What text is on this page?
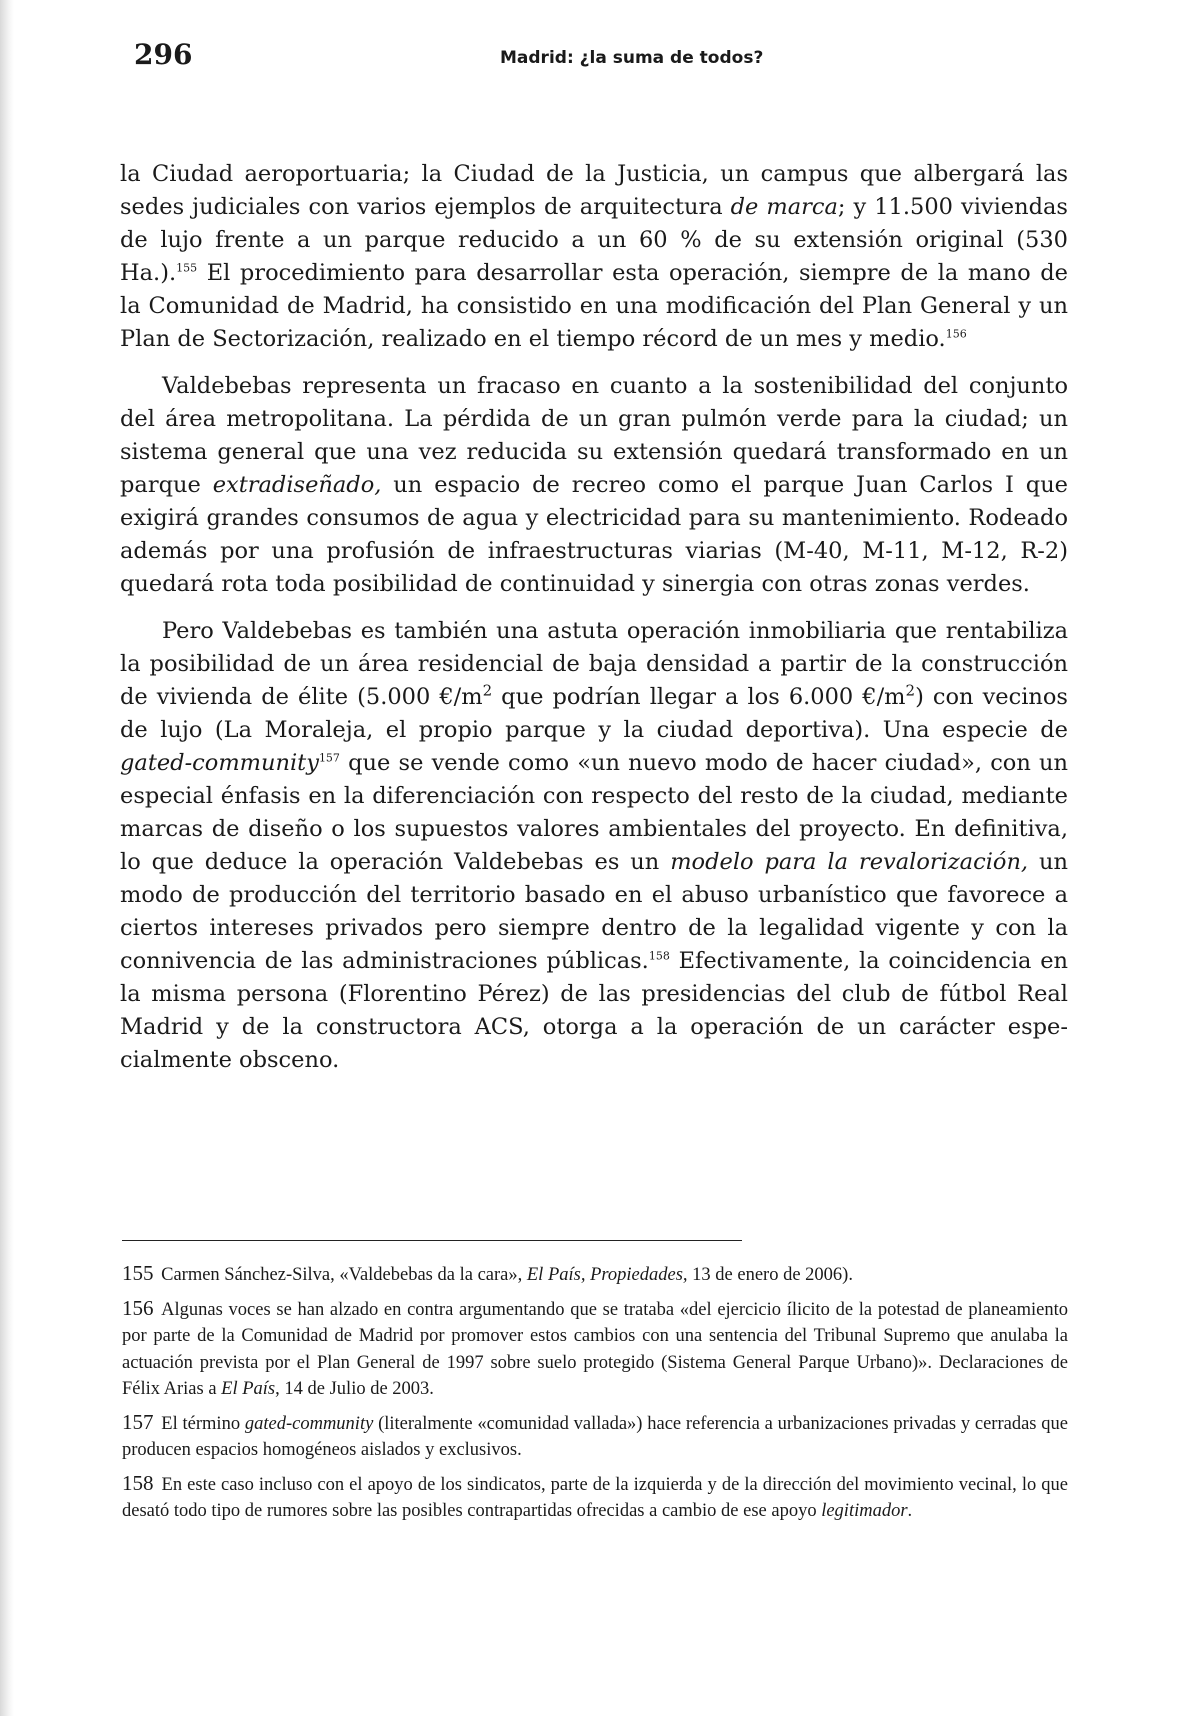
296	Madrid: ¿la suma de todos?

la Ciudad aeroportuaria; la Ciudad de la Justicia, un campus que albergará las sedes judiciales con varios ejemplos de arquitectura de marca; y 11.500 viviendas de lujo frente a un parque reducido a un 60 % de su extensión original (530 Ha.).$^{155}$ El procedimiento para desarrollar esta operación, siempre de la mano de la Comunidad de Madrid, ha consistido en una modificación del Plan General y un Plan de Sectorización, realizado en el tiempo récord de un mes y medio.$^{156}$

Valdebebas representa un fracaso en cuanto a la sostenibilidad del conjunto del área metropolitana. La pérdida de un gran pulmón verde para la ciudad; un sistema general que una vez reducida su extensión quedará transformado en un parque extradiseñado, un espacio de recreo como el parque Juan Carlos I que exigirá grandes consumos de agua y electricidad para su mantenimiento. Rodeado además por una profusión de infraestructuras viarias (M-40, M-11, M-12, R-2) quedará rota toda posibilidad de continuidad y sinergia con otras zonas verdes.

Pero Valdebebas es también una astuta operación inmobiliaria que rentabiliza la posibilidad de un área residencial de baja densidad a partir de la construcción de vivienda de élite (5.000 $€/m^2$ que podrían llegar a los 6.000 $€/m^2$) con vecinos de lujo (La Moraleja, el propio parque y la ciudad deportiva). Una especie de gated-community$^{157}$ que se vende como «un nuevo modo de hacer ciudad», con un especial énfasis en la diferenciación con respecto del resto de la ciudad, mediante marcas de diseño o los supuestos valores ambientales del proyecto. En definitiva, lo que deduce la operación Valdebebas es un modelo para la revalorización, un modo de producción del territorio basado en el abuso urbanístico que favorece a ciertos intereses privados pero siempre dentro de la legalidad vigente y con la connivencia de las administraciones públicas.$^{158}$ Efectivamente, la coincidencia en la misma persona (Florentino Pérez) de las presidencias del club de fútbol Real Madrid y de la constructora ACS, otorga a la operación de un carácter especialmente obsceno.

155 Carmen Sánchez-Silva, «Valdebebas da la cara», El País, Propiedades, 13 de enero de 2006).

156 Algunas voces se han alzado en contra argumentando que se trataba «del ejercicio ílicito de la potestad de planeamiento por parte de la Comunidad de Madrid por promover estos cambios con una sentencia del Tribunal Supremo que anulaba la actuación prevista por el Plan General de 1997 sobre suelo protegido (Sistema General Parque Urbano)». Declaraciones de Félix Arias a El País, 14 de Julio de 2003.

157 El término gated-community (literalmente «comunidad vallada») hace referencia a urbanizaciones privadas y cerradas que producen espacios homogéneos aislados y exclusivos.

158 En este caso incluso con el apoyo de los sindicatos, parte de la izquierda y de la dirección del movimiento vecinal, lo que desató todo tipo de rumores sobre las posibles contrapartidas ofrecidas a cambio de ese apoyo legitimador.
